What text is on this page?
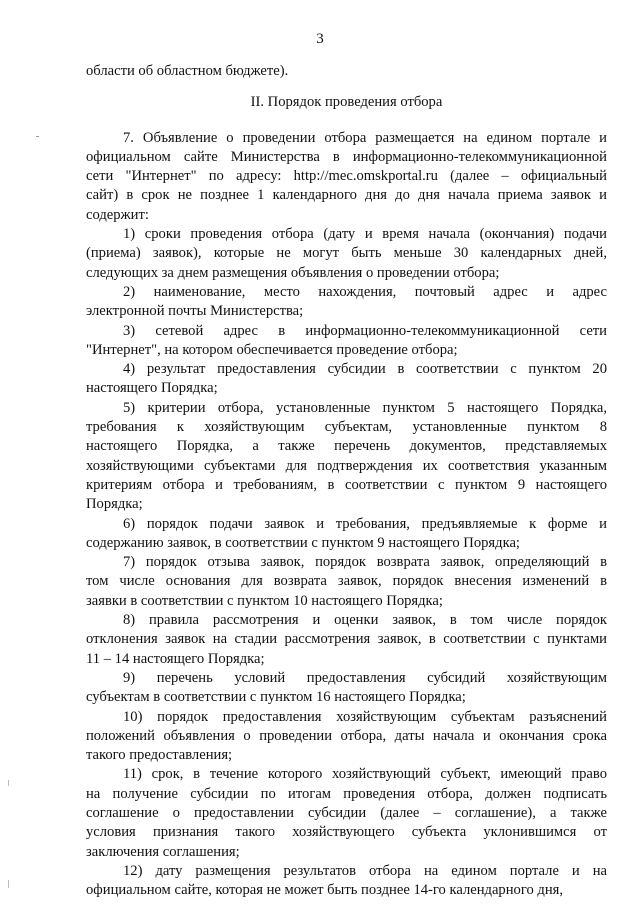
3
области об областном бюджете).
II. Порядок проведения отбора
7. Объявление о проведении отбора размещается на едином портале и
официальном сайте Министерства в информационно-телекоммуникационной
сети "Интернет" по адресу: http://mec.omskportal.ru (далее – официальный
сайт) в срок не позднее 1 календарного дня до дня начала приема заявок и
содержит:
1) сроки проведения отбора (дату и время начала (окончания) подачи
(приема) заявок), которые не могут быть меньше 30 календарных дней,
следующих за днем размещения объявления о проведении отбора;
2) наименование, место нахождения, почтовый адрес и адрес
электронной почты Министерства;
3) сетевой адрес в информационно-телекоммуникационной сети
"Интернет", на котором обеспечивается проведение отбора;
4) результат предоставления субсидии в соответствии с пунктом 20
настоящего Порядка;
5) критерии отбора, установленные пунктом 5 настоящего Порядка,
требования к хозяйствующим субъектам, установленные пунктом 8
настоящего Порядка, а также перечень документов, представляемых
хозяйствующими субъектами для подтверждения их соответствия указанным
критериям отбора и требованиям, в соответствии с пунктом 9 настоящего
Порядка;
6) порядок подачи заявок и требования, предъявляемые к форме и
содержанию заявок, в соответствии с пунктом 9 настоящего Порядка;
7) порядок отзыва заявок, порядок возврата заявок, определяющий в
том числе основания для возврата заявок, порядок внесения изменений в
заявки в соответствии с пунктом 10 настоящего Порядка;
8) правила рассмотрения и оценки заявок, в том числе порядок
отклонения заявок на стадии рассмотрения заявок, в соответствии с пунктами
11 – 14 настоящего Порядка;
9) перечень условий предоставления субсидий хозяйствующим
субъектам в соответствии с пунктом 16 настоящего Порядка;
10) порядок предоставления хозяйствующим субъектам разъяснений
положений объявления о проведении отбора, даты начала и окончания срока
такого предоставления;
11) срок, в течение которого хозяйствующий субъект, имеющий право
на получение субсидии по итогам проведения отбора, должен подписать
соглашение о предоставлении субсидии (далее – соглашение), а также
условия признания такого хозяйствующего субъекта уклонившимся от
заключения соглашения;
12) дату размещения результатов отбора на едином портале и на
официальном сайте, которая не может быть позднее 14-го календарного дня,
